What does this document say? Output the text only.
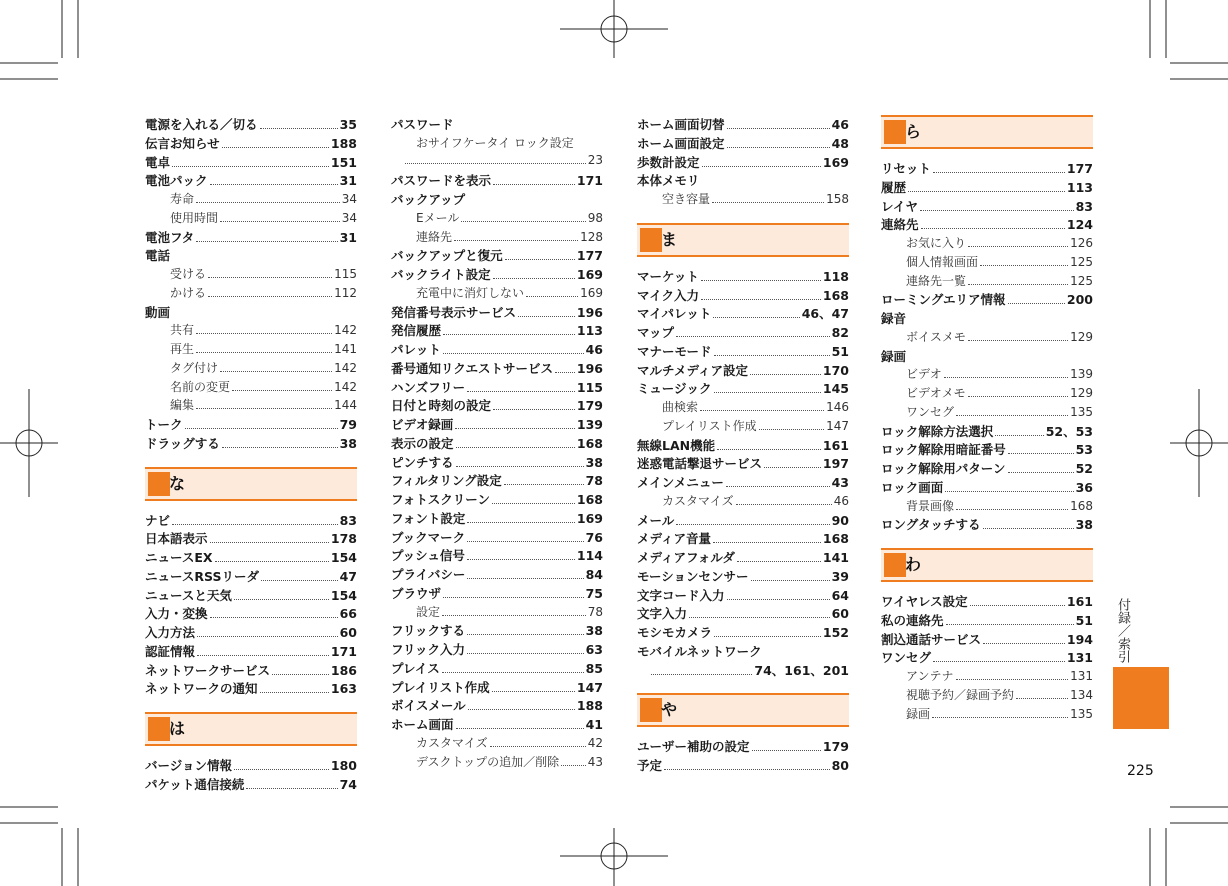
電源を入れる／切る	35
伝言お知らせ	188
電卓	151
電池パック	31
寿命	34
使用時間	34
電池フタ	31
電話
受ける	115
かける	112
動画
共有	142
再生	141
タグ付け	142
名前の変更	142
編集	144
トーク	79
ドラッグする	38
な
ナビ	83
日本語表示	178
ニュースEX	154
ニュースRSSリーダ	47
ニュースと天気	154
入力・変換	66
入力方法	60
認証情報	171
ネットワークサービス	186
ネットワークの通知	163
は
バージョン情報	180
パケット通信接続	74
パスワード
おサイフケータイ ロック設定
23
パスワードを表示	171
バックアップ
Eメール	98
連絡先	128
バックアップと復元	177
バックライト設定	169
充電中に消灯しない	169
発信番号表示サービス	196
発信履歴	113
パレット	46
番号通知リクエストサービス 196
ハンズフリー	115
日付と時刻の設定	179
ビデオ録画	139
表示の設定	168
ピンチする	38
フィルタリング設定	78
フォトスクリーン	168
フォント設定	169
ブックマーク	76
プッシュ信号	114
プライバシー	84
ブラウザ	75
設定	78
フリックする	38
フリック入力	63
プレイス	85
プレイリスト作成	147
ボイスメール	188
ホーム画面	41
カスタマイズ	42
デスクトップの追加／削除 43
ホーム画面切替	46
ホーム画面設定	48
歩数計設定	169
本体メモリ
空き容量	158
ま
マーケット	118
マイク入力	168
マイパレット	46、47
マップ	82
マナーモード	51
マルチメディア設定	170
ミュージック	145
曲検索	146
プレイリスト作成	147
無線LAN機能	161
迷惑電話撃退サービス	197
メインメニュー	43
カスタマイズ	46
メール	90
メディア音量	168
メディアフォルダ	141
モーションセンサー	39
文字コード入力	64
文字入力	60
モシモカメラ	152
モバイルネットワーク
74、161、201
や
ユーザー補助の設定	179
予定	80
ら
リセット	177
履歴	113
レイヤ	83
連絡先	124
お気に入り	126
個人情報画面	125
連絡先一覧	125
ローミングエリア情報	200
録音
ボイスメモ	129
録画
ビデオ	139
ビデオメモ	129
ワンセグ	135
ロック解除方法選択	52、53
ロック解除用暗証番号	53
ロック解除用パターン	52
ロック画面	36
背景画像	168
ロングタッチする	38
わ
ワイヤレス設定	161
私の連絡先	51
割込通話サービス	194
ワンセグ	131
アンテナ	131
視聴予約／録画予約	134
録画	135
付録／索引
225
